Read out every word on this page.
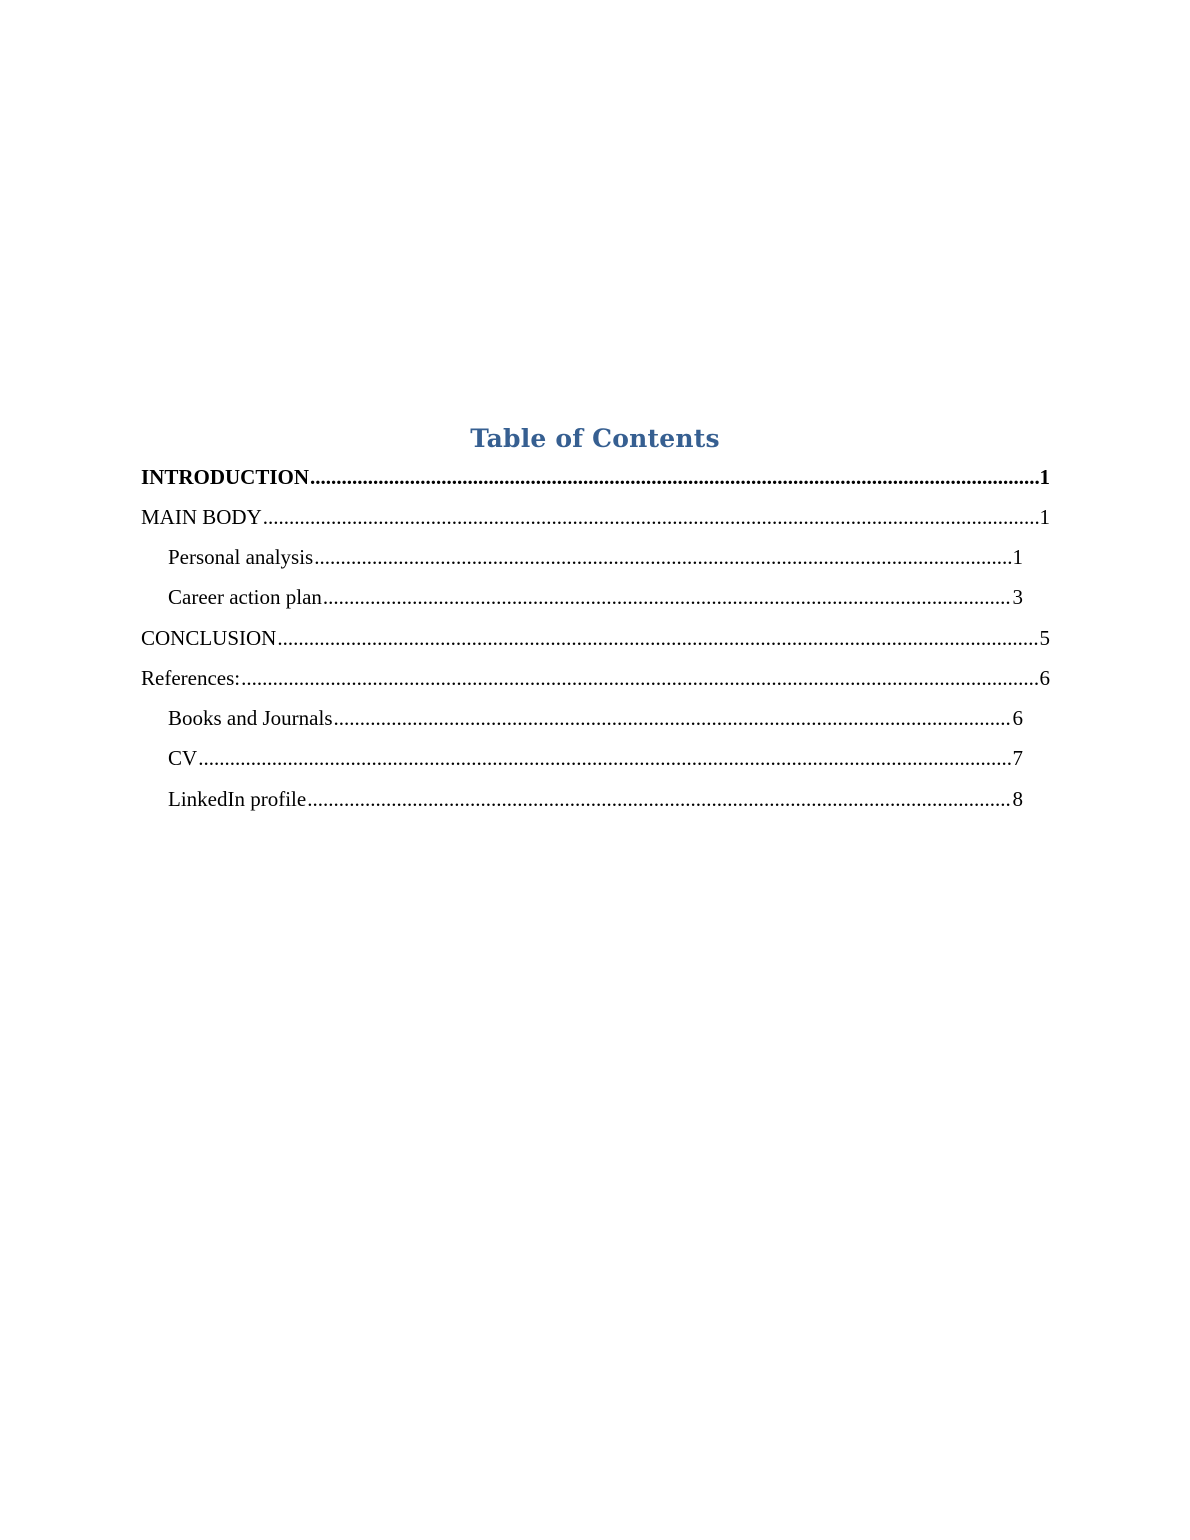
Table of Contents
INTRODUCTION .....	1
MAIN BODY .....	1
Personal analysis .....	1
Career action plan .....	3
CONCLUSION .....	5
References: .....	6
Books and Journals .....	6
CV .....	7
LinkedIn profile .....	8
